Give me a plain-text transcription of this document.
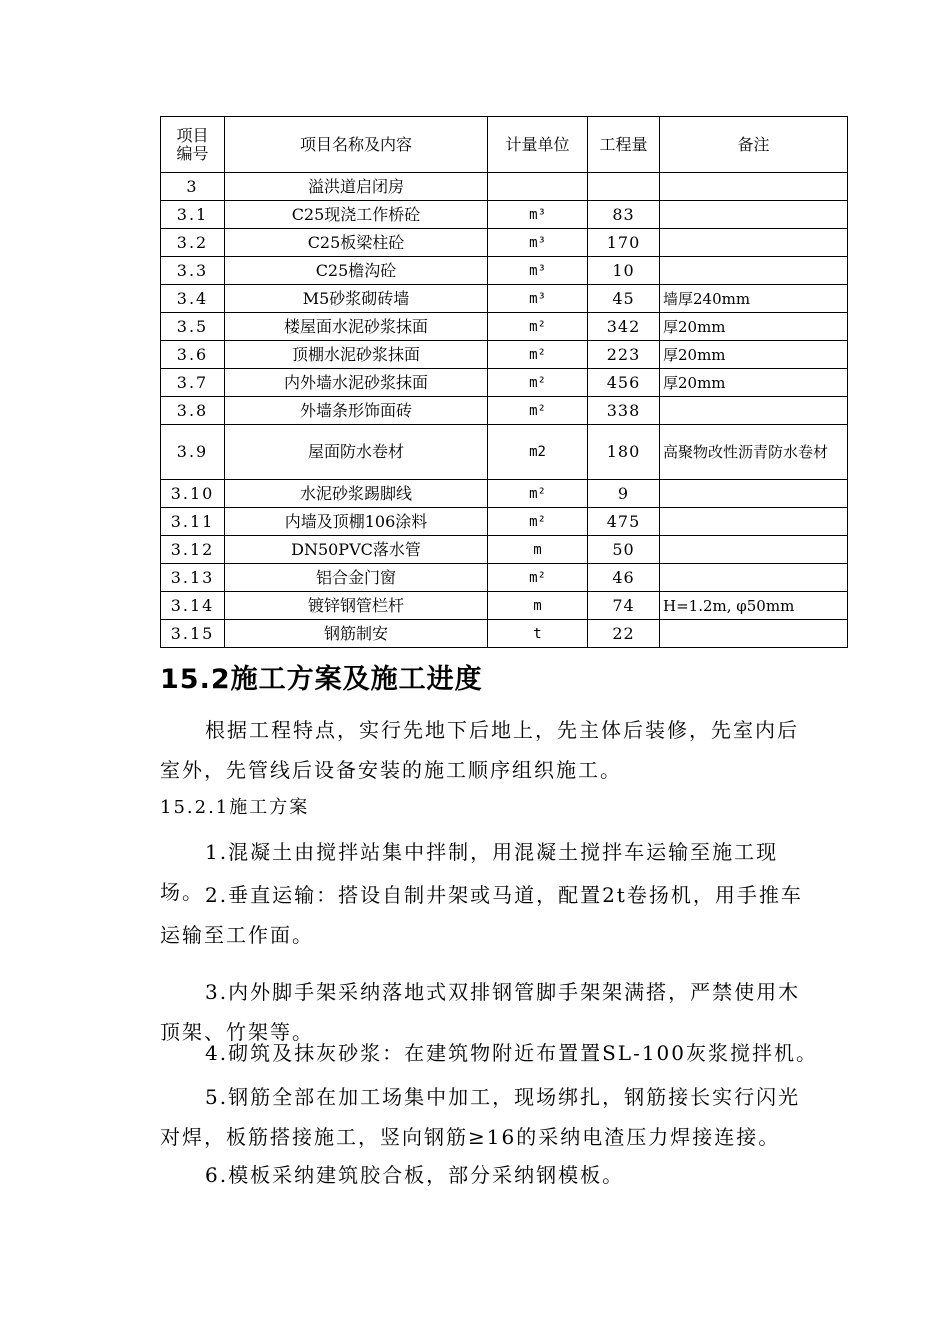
项目
编号	项目名称及内容	计量单位	工程量	备注
3	溢洪道启闭房			
3.1	C25现浇工作桥砼	m³	83	
3.2	C25板梁柱砼	m³	170	
3.3	C25檐沟砼	m³	10	
3.4	M5砂浆砌砖墙	m³	45	墙厚240mm
3.5	楼屋面水泥砂浆抹面	m²	342	厚20mm
3.6	顶棚水泥砂浆抹面	m²	223	厚20mm
3.7	内外墙水泥砂浆抹面	m²	456	厚20mm
3.8	外墙条形饰面砖	m²	338	
3.9	屋面防水卷材	m2	180	高聚物改性沥青防水卷材
3.10	水泥砂浆踢脚线	m²	9	
3.11	内墙及顶棚106涂料	m²	475	
3.12	DN50PVC落水管	m	50	
3.13	铝合金门窗	m²	46	
3.14	镀锌钢管栏杆	m	74	H=1.2m, φ50mm
3.15	钢筋制安	t	22	
15.2施工方案及施工进度

根据工程特点，实行先地下后地上，先主体后装修，先室内后室外，先管线后设备安装的施工顺序组织施工。

15.2.1施工方案

1.混凝土由搅拌站集中拌制，用混凝土搅拌车运输至施工现场。 2.垂直运输：搭设自制井架或马道，配置2t卷扬机，用手推车运输至工作面。

3.内外脚手架采纳落地式双排钢管脚手架架满搭，严禁使用木顶架、竹架等。

4.砌筑及抹灰砂浆：在建筑物附近布置置SL-100灰浆搅拌机。

5.钢筋全部在加工场集中加工，现场绑扎，钢筋接长实行闪光对焊，板筋搭接施工，竖向钢筋≥16的采纳电渣压力焊接连接。

6.模板采纳建筑胶合板，部分采纳钢模板。
